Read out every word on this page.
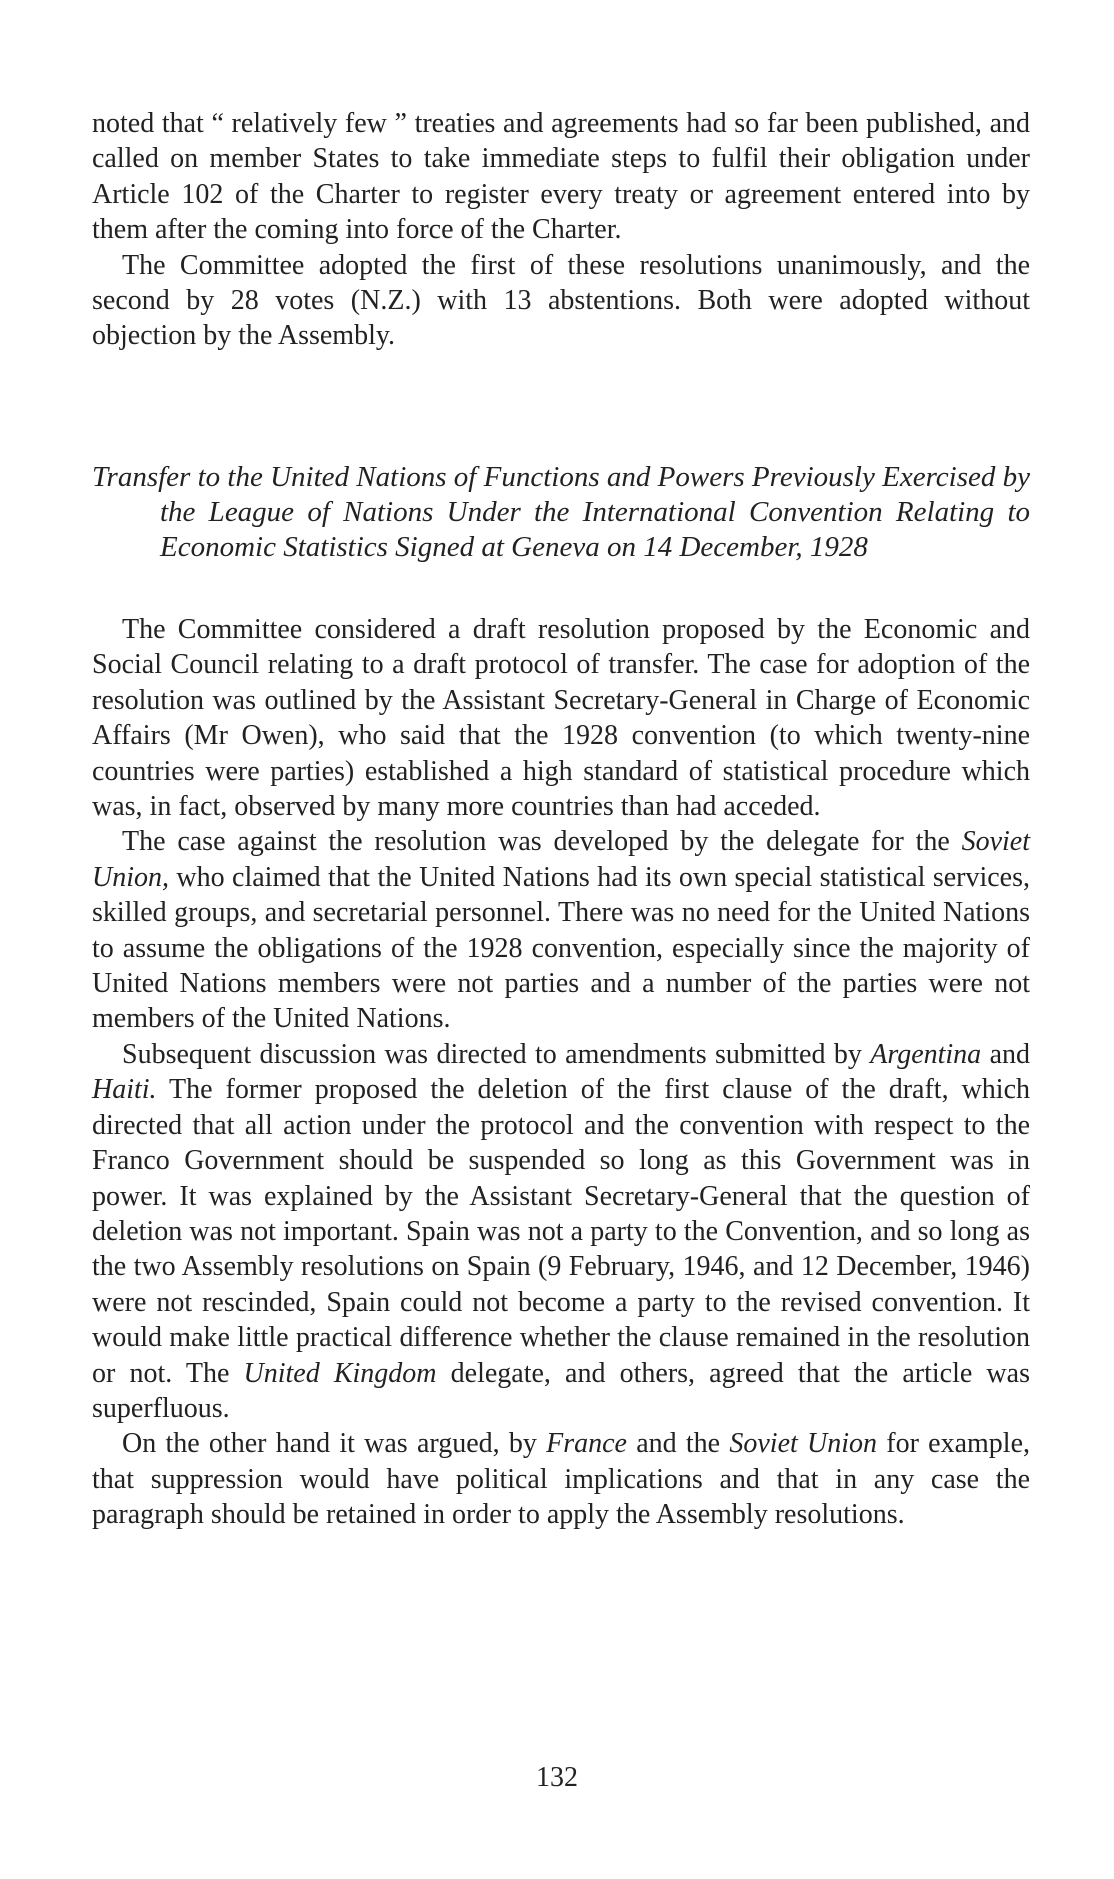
noted that “ relatively few ” treaties and agreements had so far been published, and called on member States to take immediate steps to fulfil their obligation under Article 102 of the Charter to register every treaty or agreement entered into by them after the coming into force of the Charter.

The Committee adopted the first of these resolutions unanimously, and the second by 28 votes (N.Z.) with 13 abstentions. Both were adopted without objection by the Assembly.

Transfer to the United Nations of Functions and Powers Previously Exercised by the League of Nations Under the International Convention Relating to Economic Statistics Signed at Geneva on 14 December, 1928

The Committee considered a draft resolution proposed by the Economic and Social Council relating to a draft protocol of transfer. The case for adoption of the resolution was outlined by the Assistant Secretary-General in Charge of Economic Affairs (Mr Owen), who said that the 1928 convention (to which twenty-nine countries were parties) established a high standard of statistical procedure which was, in fact, observed by many more countries than had acceded.

The case against the resolution was developed by the delegate for the Soviet Union, who claimed that the United Nations had its own special statistical services, skilled groups, and secretarial personnel. There was no need for the United Nations to assume the obligations of the 1928 convention, especially since the majority of United Nations members were not parties and a number of the parties were not members of the United Nations.

Subsequent discussion was directed to amendments submitted by Argentina and Haiti. The former proposed the deletion of the first clause of the draft, which directed that all action under the protocol and the convention with respect to the Franco Government should be suspended so long as this Government was in power. It was explained by the Assistant Secretary-General that the question of deletion was not important. Spain was not a party to the Convention, and so long as the two Assembly resolutions on Spain (9 February, 1946, and 12 December, 1946) were not rescinded, Spain could not become a party to the revised convention. It would make little practical difference whether the clause remained in the resolution or not. The United Kingdom delegate, and others, agreed that the article was superfluous.

On the other hand it was argued, by France and the Soviet Union for example, that suppression would have political implications and that in any case the paragraph should be retained in order to apply the Assembly resolutions.

132
